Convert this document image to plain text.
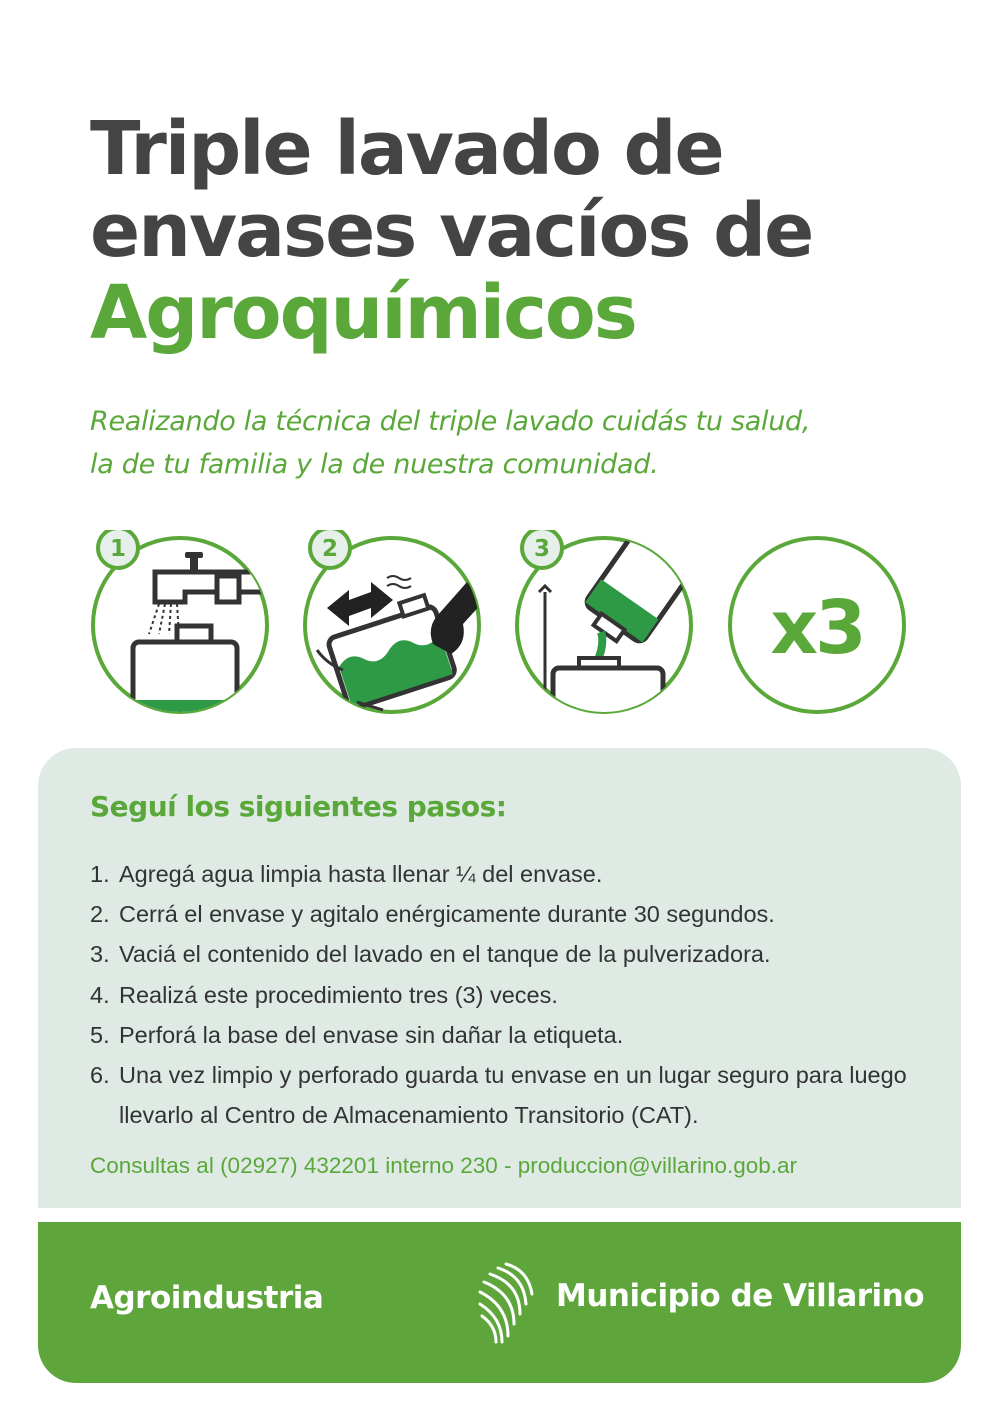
Triple lavado de
envases vacíos de
Agroquímicos
Realizando la técnica del triple lavado cuidás tu salud,
la de tu familia y la de nuestra comunidad.
1	2	3
x3
Seguí los siguientes pasos:
1. Agregá agua limpia hasta llenar ¼ del envase.
2. Cerrá el envase y agitalo enérgicamente durante 30 segundos.
3. Vaciá el contenido del lavado en el tanque de la pulverizadora.
4. Realizá este procedimiento tres (3) veces.
5. Perforá la base del envase sin dañar la etiqueta.
6. Una vez limpio y perforado guarda tu envase en un lugar seguro para luego llevarlo al Centro de Almacenamiento Transitorio (CAT).
Consultas al (02927) 432201 interno 230 - produccion@villarino.gob.ar
Agroindustria	Municipio de Villarino
